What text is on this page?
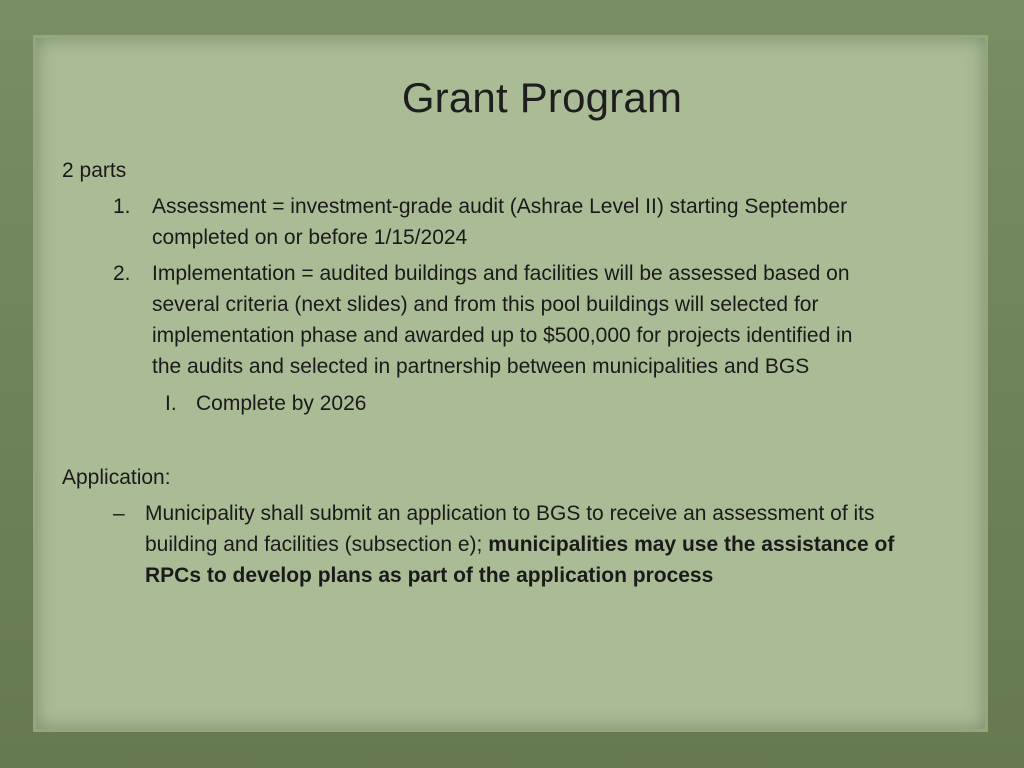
Grant Program
2 parts
1. Assessment = investment-grade audit (Ashrae Level II) starting September
completed on or before 1/15/2024
2. Implementation = audited buildings and facilities will be assessed based on
several criteria (next slides) and from this pool buildings will selected for
implementation phase and awarded up to $500,000 for projects identified in
the audits and selected in partnership between municipalities and BGS
I. Complete by 2026
Application:
– Municipality shall submit an application to BGS to receive an assessment of its
building and facilities (subsection e); municipalities may use the assistance of
RPCs to develop plans as part of the application process
